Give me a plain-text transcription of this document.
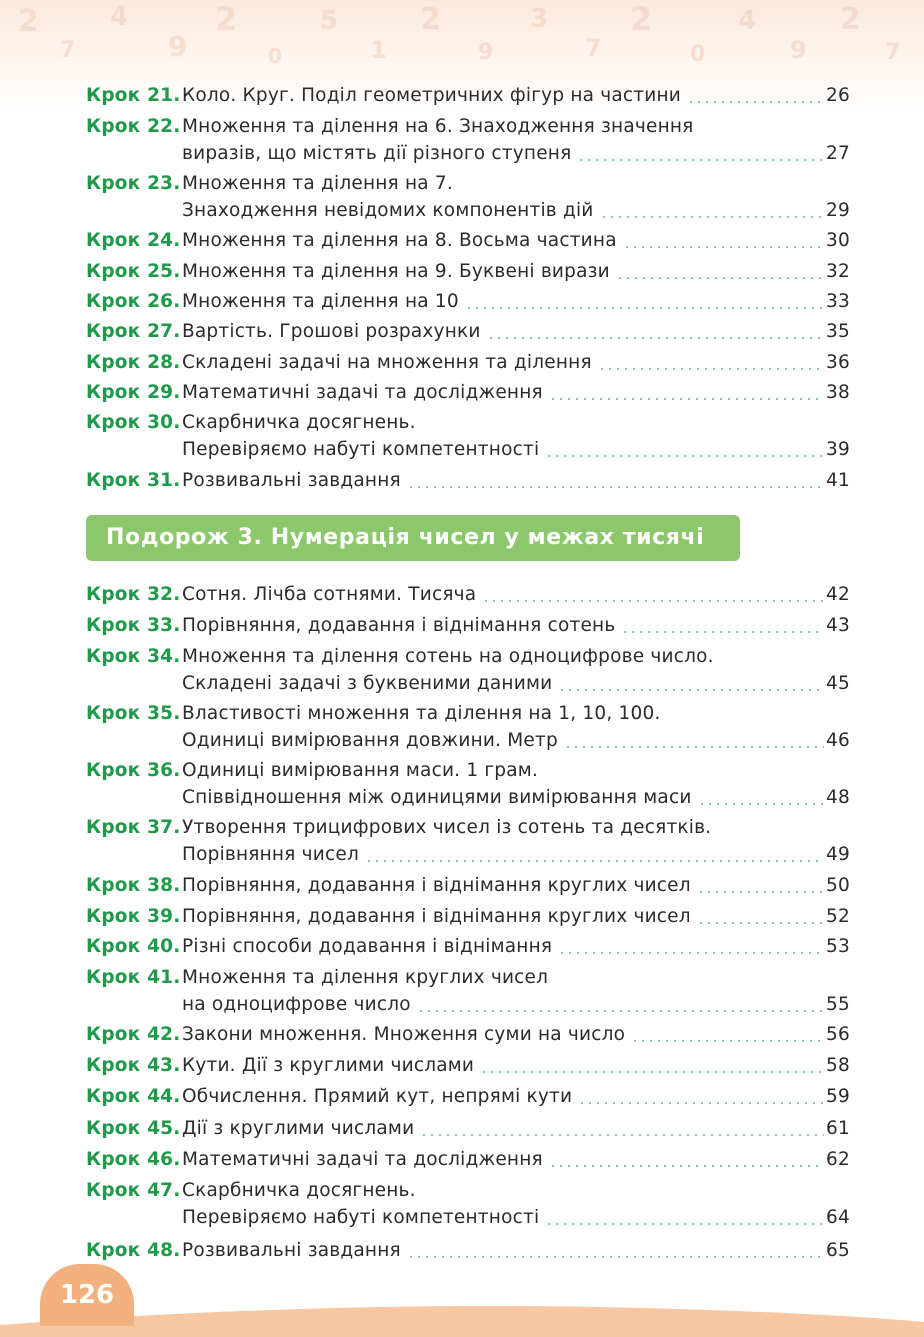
2
7
4
9
2
0
5
1
2
9
3
7
2
0
4
9
2
7
Крок 21. Коло. Круг. Поділ геометричних фігур на частини	26
Крок 22. Множення та ділення на 6. Знаходження значення
виразів, що містять дії різного ступеня	27
Крок 23. Множення та ділення на 7.
Знаходження невідомих компонентів дій	29
Крок 24. Множення та ділення на 8. Восьма частина	30
Крок 25. Множення та ділення на 9. Буквені вирази	32
Крок 26. Множення та ділення на 10	33
Крок 27. Вартість. Грошові розрахунки	35
Крок 28. Складені задачі на множення та ділення	36
Крок 29. Математичні задачі та дослідження	38
Крок 30. Скарбничка досягнень.
Перевіряємо набуті компетентності	39
Крок 31. Розвивальні завдання	41
Подорож 3. Нумерація чисел у межах тисячі
Крок 32. Сотня. Лічба сотнями. Тисяча	42
Крок 33. Порівняння, додавання і віднімання сотень	43
Крок 34. Множення та ділення сотень на одноцифрове число.
Складені задачі з буквеними даними	45
Крок 35. Властивості множення та ділення на 1, 10, 100.
Одиниці вимірювання довжини. Метр	46
Крок 36. Одиниці вимірювання маси. 1 грам.
Співвідношення між одиницями вимірювання маси	48
Крок 37. Утворення трицифрових чисел із сотень та десятків.
Порівняння чисел	49
Крок 38. Порівняння, додавання і віднімання круглих чисел	50
Крок 39. Порівняння, додавання і віднімання круглих чисел	52
Крок 40. Різні способи додавання і віднімання	53
Крок 41. Множення та ділення круглих чисел
на одноцифрове число	55
Крок 42. Закони множення. Множення суми на число	56
Крок 43. Кути. Дії з круглими числами	58
Крок 44. Обчислення. Прямий кут, непрямі кути	59
Крок 45. Дії з круглими числами	61
Крок 46. Математичні задачі та дослідження	62
Крок 47. Скарбничка досягнень.
Перевіряємо набуті компетентності	64
Крок 48. Розвивальні завдання	65
126
